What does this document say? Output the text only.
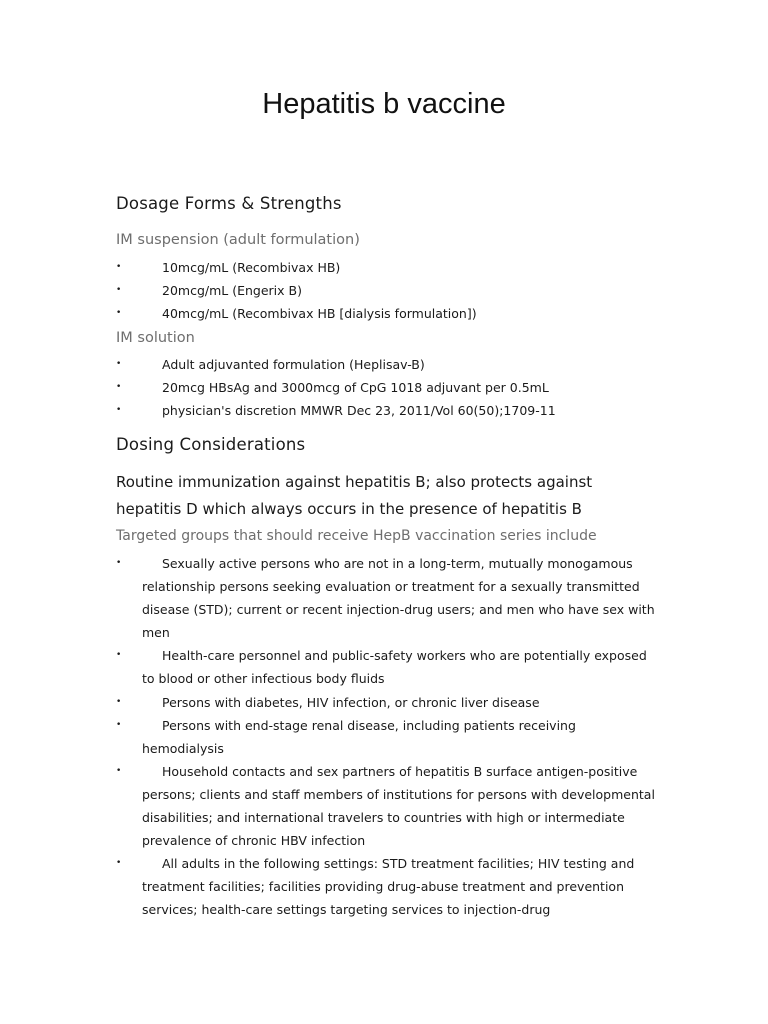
Hepatitis b vaccine
Dosage Forms & Strengths
IM suspension (adult formulation)
•	10mcg/mL (Recombivax HB)
•	20mcg/mL (Engerix B)
•	40mcg/mL (Recombivax HB [dialysis formulation])
IM solution
•	Adult adjuvanted formulation (Heplisav-B)
•	20mcg HBsAg and 3000mcg of CpG 1018 adjuvant per 0.5mL
•	physician's discretion MMWR Dec 23, 2011/Vol 60(50);1709-11
Dosing Considerations
Routine immunization against hepatitis B; also protects against hepatitis D which always occurs in the presence of hepatitis B
Targeted groups that should receive HepB vaccination series include
•	Sexually active persons who are not in a long-term, mutually monogamous relationship persons seeking evaluation or treatment for a sexually transmitted disease (STD); current or recent injection-drug users; and men who have sex with men
•	Health-care personnel and public-safety workers who are potentially exposed to blood or other infectious body fluids
•	Persons with diabetes, HIV infection, or chronic liver disease
•	Persons with end-stage renal disease, including patients receiving hemodialysis
•	Household contacts and sex partners of hepatitis B surface antigen-positive persons; clients and staff members of institutions for persons with developmental disabilities; and international travelers to countries with high or intermediate prevalence of chronic HBV infection
•	All adults in the following settings: STD treatment facilities; HIV testing and treatment facilities; facilities providing drug-abuse treatment and prevention services; health-care settings targeting services to injection-drug
